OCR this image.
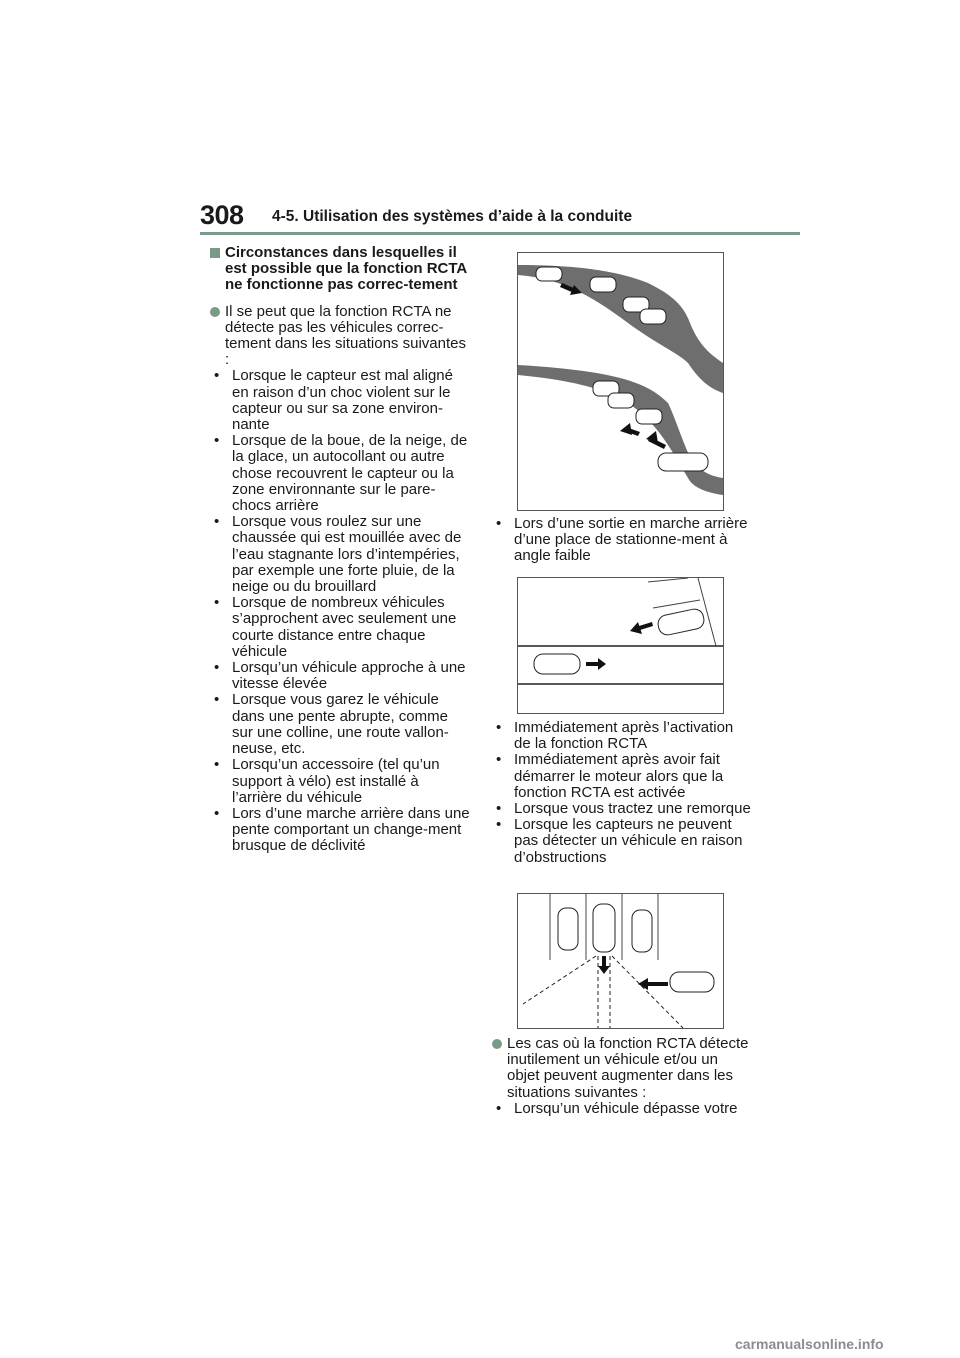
308 4-5. Utilisation des systèmes d’aide à la conduite
Circonstances dans lesquelles il est possible que la fonction RCTA ne fonctionne pas correc-tement

Il se peut que la fonction RCTA ne détecte pas les véhicules correc-tement dans les situations suivantes :

• Lorsque le capteur est mal aligné en raison d’un choc violent sur le capteur ou sur sa zone environ-nante
• Lorsque de la boue, de la neige, de la glace, un autocollant ou autre chose recouvrent le capteur ou la zone environnante sur le pare-chocs arrière
• Lorsque vous roulez sur une chaussée qui est mouillée avec de l’eau stagnante lors d’intempéries, par exemple une forte pluie, de la neige ou du brouillard
• Lorsque de nombreux véhicules s’approchent avec seulement une courte distance entre chaque véhicule
• Lorsqu’un véhicule approche à une vitesse élevée
• Lorsque vous garez le véhicule dans une pente abrupte, comme sur une colline, une route vallon-neuse, etc.
• Lorsqu’un accessoire (tel qu’un support à vélo) est installé à l’arrière du véhicule
• Lors d’une marche arrière dans une pente comportant un change-ment brusque de déclivité
• Lors d’une sortie en marche arrière d’une place de stationne-ment à angle faible
• Immédiatement après l’activation de la fonction RCTA
• Immédiatement après avoir fait démarrer le moteur alors que la fonction RCTA est activée
• Lorsque vous tractez une remorque
• Lorsque les capteurs ne peuvent pas détecter un véhicule en raison d’obstructions

Les cas où la fonction RCTA détecte inutilement un véhicule et/ou un objet peuvent augmenter dans les situations suivantes :

• Lorsqu’un véhicule dépasse votre
carmanualsonline.info
